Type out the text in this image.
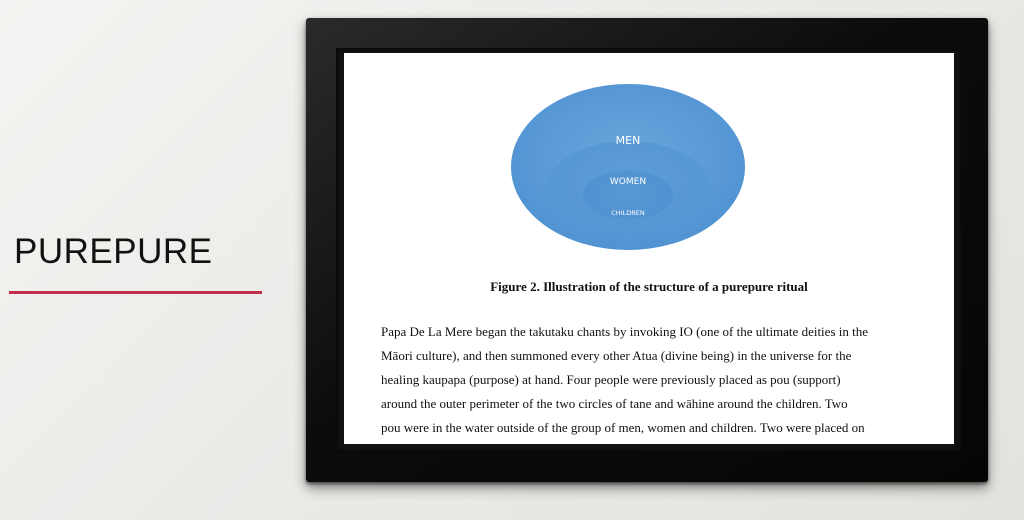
PUREPURE
MEN
WOMEN
CHILDREN
Figure 2. Illustration of the structure of a purepure ritual
Papa De La Mere began the takutaku chants by invoking IO (one of the ultimate deities in the
Māori culture), and then summoned every other Atua (divine being) in the universe for the
healing kaupapa (purpose) at hand. Four people were previously placed as pou (support)
around the outer perimeter of the two circles of tane and wāhine around the children. Two
pou were in the water outside of the group of men, women and children. Two were placed on
